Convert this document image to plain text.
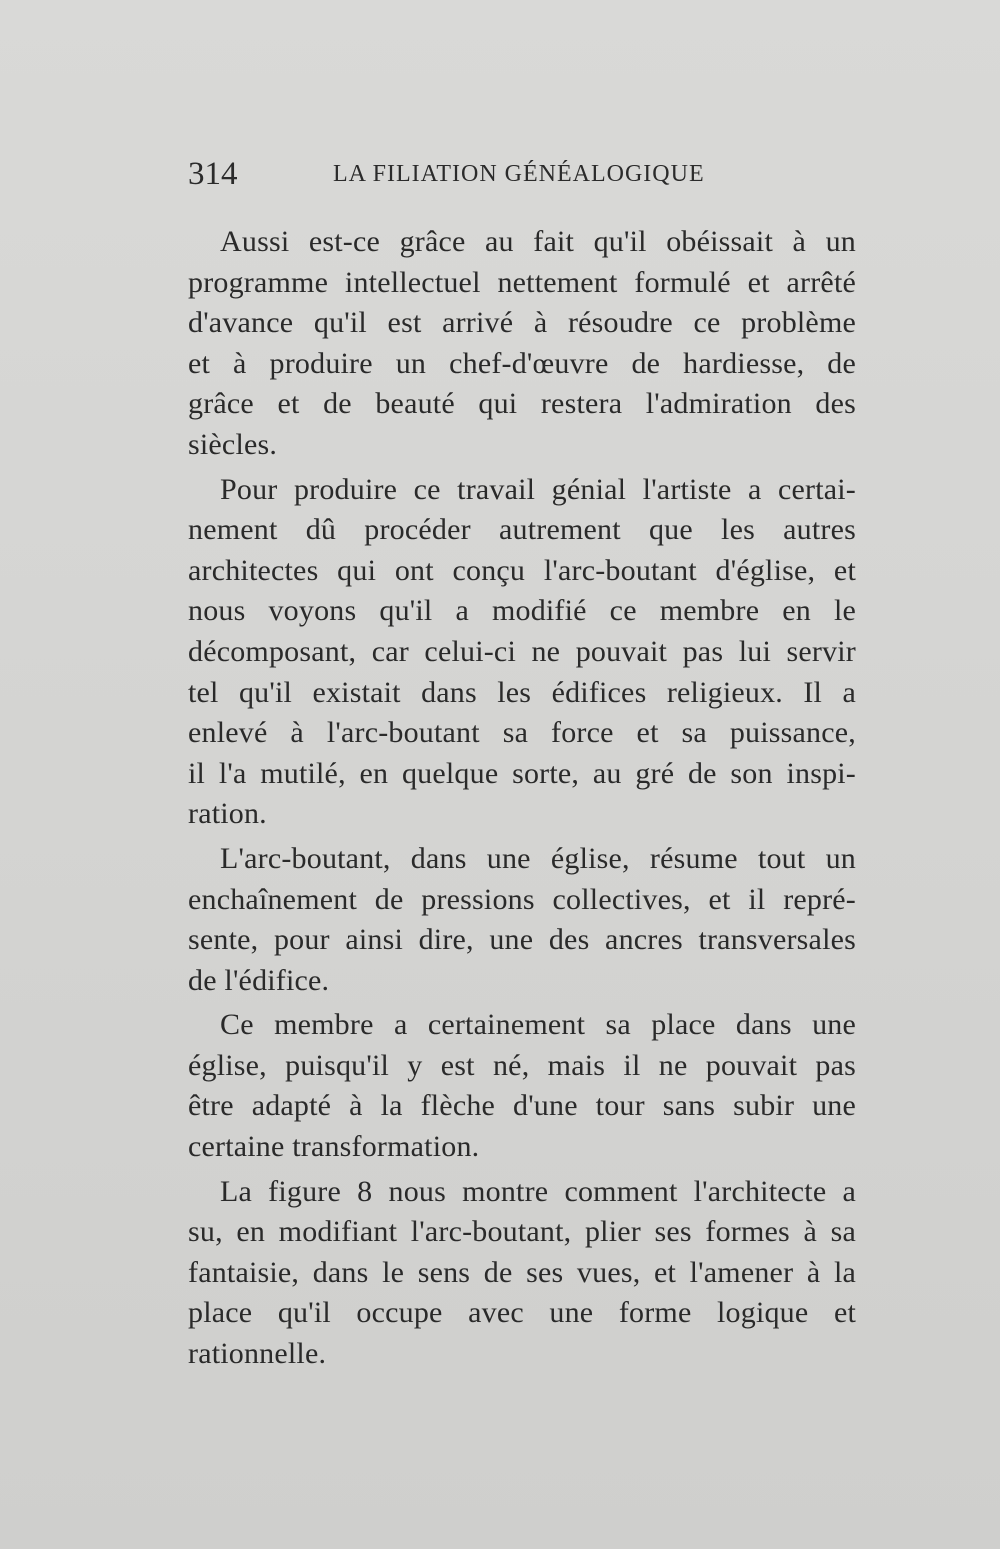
314	LA FILIATION GÉNÉALOGIQUE

Aussi est-ce grâce au fait qu'il obéissait à un
programme intellectuel nettement formulé et arrêté
d'avance qu'il est arrivé à résoudre ce problème
et à produire un chef-d'œuvre de hardiesse, de
grâce et de beauté qui restera l'admiration des
siècles.

Pour produire ce travail génial l'artiste a certai-
nement dû procéder autrement que les autres
architectes qui ont conçu l'arc-boutant d'église, et
nous voyons qu'il a modifié ce membre en le
décomposant, car celui-ci ne pouvait pas lui servir
tel qu'il existait dans les édifices religieux. Il a
enlevé à l'arc-boutant sa force et sa puissance,
il l'a mutilé, en quelque sorte, au gré de son inspi-
ration.

L'arc-boutant, dans une église, résume tout un
enchaînement de pressions collectives, et il repré-
sente, pour ainsi dire, une des ancres transversales
de l'édifice.

Ce membre a certainement sa place dans une
église, puisqu'il y est né, mais il ne pouvait pas
être adapté à la flèche d'une tour sans subir une
certaine transformation.

La figure 8 nous montre comment l'architecte a
su, en modifiant l'arc-boutant, plier ses formes à sa
fantaisie, dans le sens de ses vues, et l'amener à la
place qu'il occupe avec une forme logique et
rationnelle.
